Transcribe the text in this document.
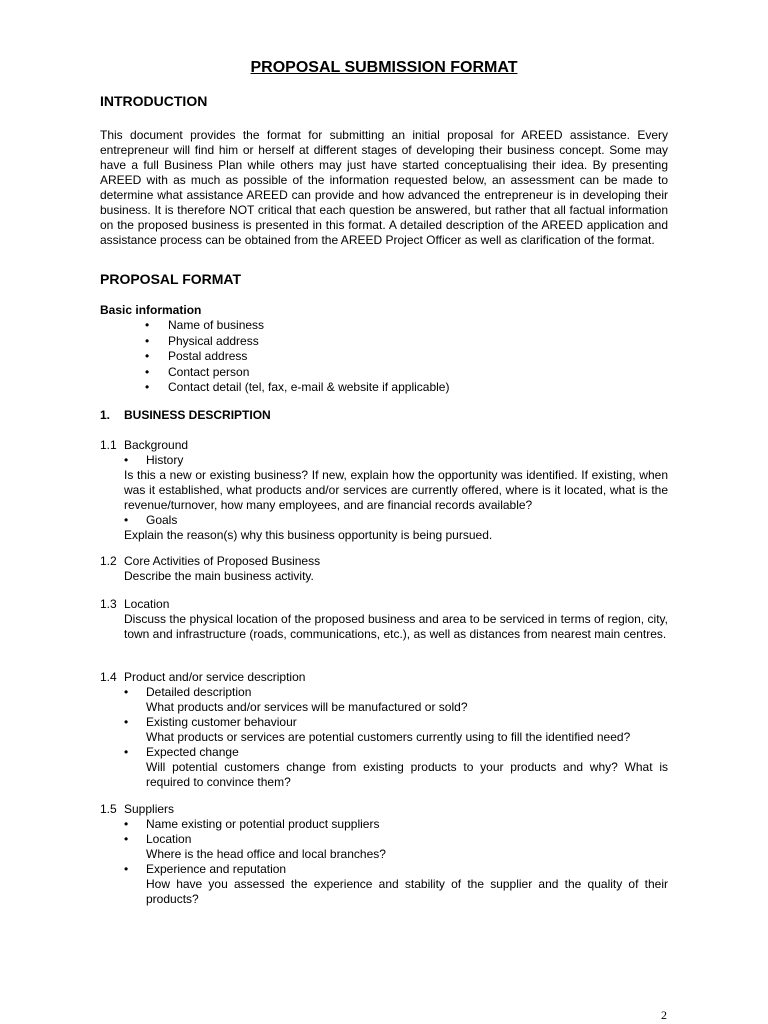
PROPOSAL SUBMISSION FORMAT

INTRODUCTION

This document provides the format for submitting an initial proposal for AREED assistance. Every entrepreneur will find him or herself at different stages of developing their business concept. Some may have a full Business Plan while others may just have started conceptualising their idea. By presenting AREED with as much as possible of the information requested below, an assessment can be made to determine what assistance AREED can provide and how advanced the entrepreneur is in developing their business. It is therefore NOT critical that each question be answered, but rather that all factual information on the proposed business is presented in this format. A detailed description of the AREED application and assistance process can be obtained from the AREED Project Officer as well as clarification of the format.

PROPOSAL FORMAT

Basic information

• Name of business
• Physical address
• Postal address
• Contact person
• Contact detail (tel, fax, e-mail & website if applicable)

1. BUSINESS DESCRIPTION

1.1 Background

• History

Is this a new or existing business? If new, explain how the opportunity was identified. If existing, when was it established, what products and/or services are currently offered, where is it located, what is the revenue/turnover, how many employees, and are financial records available?

• Goals

Explain the reason(s) why this business opportunity is being pursued.

1.2 Core Activities of Proposed Business

Describe the main business activity.

1.3 Location

Discuss the physical location of the proposed business and area to be serviced in terms of region, city, town and infrastructure (roads, communications, etc.), as well as distances from nearest main centres.

1.4 Product and/or service description

• Detailed description

What products and/or services will be manufactured or sold?

• Existing customer behaviour

What products or services are potential customers currently using to fill the identified need?

• Expected change

Will potential customers change from existing products to your products and why? What is required to convince them?

1.5 Suppliers

• Name existing or potential product suppliers
• Location

Where is the head office and local branches?

• Experience and reputation

How have you assessed the experience and stability of the supplier and the quality of their products?

2
